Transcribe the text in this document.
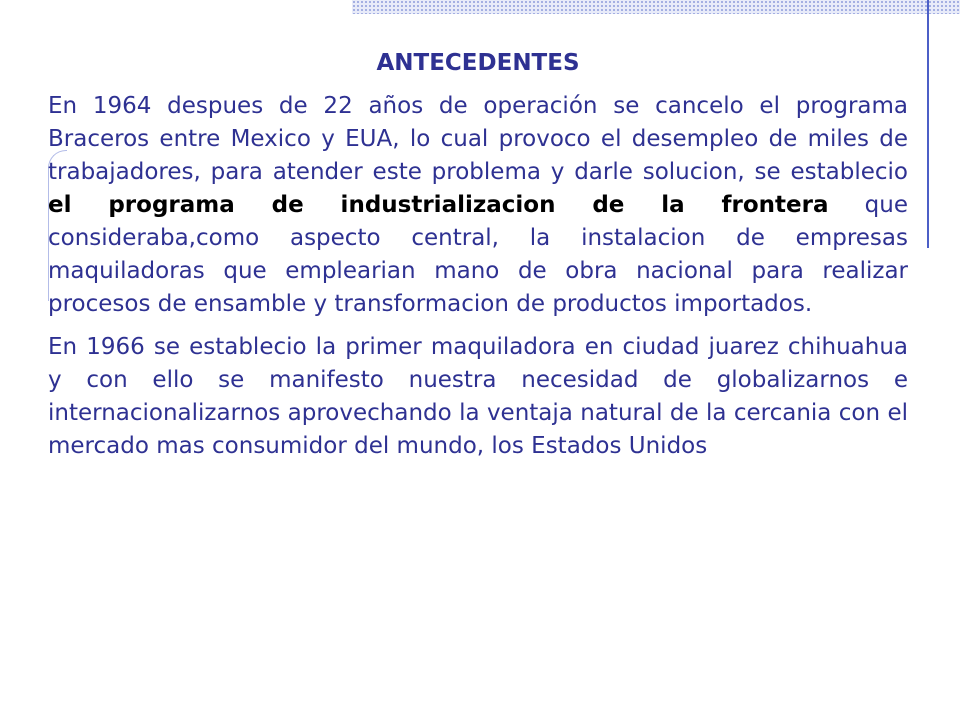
ANTECEDENTES

En 1964 despues de 22 años de operación se cancelo el programa Braceros entre Mexico y EUA, lo cual provoco el desempleo de miles de trabajadores, para atender este problema y darle solucion, se establecio el programa de industrializacion de la frontera que consideraba,como aspecto central, la instalacion de empresas maquiladoras que emplearian mano de obra nacional para realizar procesos de ensamble y transformacion de productos importados.

En 1966 se establecio la primer maquiladora en ciudad juarez chihuahua y con ello se manifesto nuestra necesidad de globalizarnos e internacionalizarnos aprovechando la ventaja natural de la cercania con el mercado mas consumidor del mundo, los Estados Unidos
